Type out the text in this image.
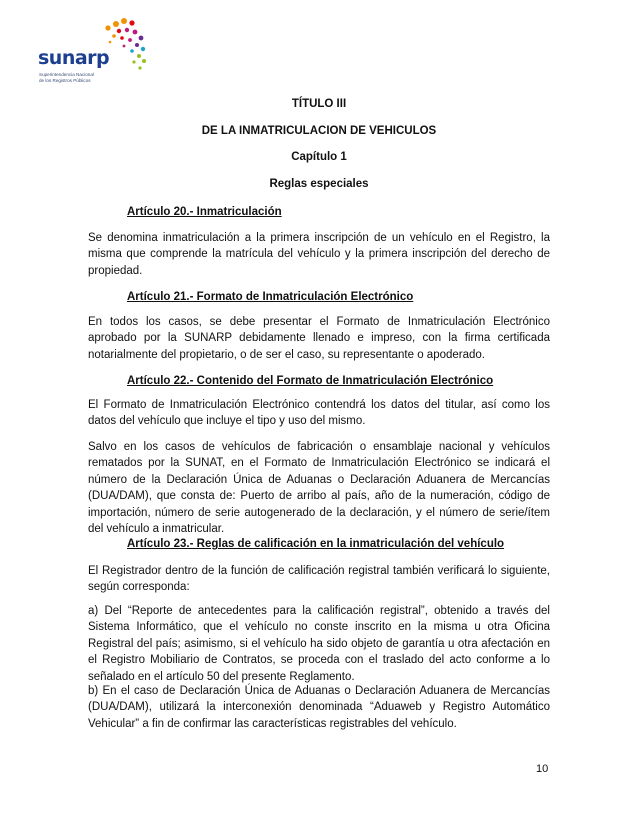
sunarp
Superintendencia Nacional
de los Registros Públicos
TÍTULO III
DE LA INMATRICULACION DE VEHICULOS
Capítulo 1
Reglas especiales
Artículo 20.- Inmatriculación

Se denomina inmatriculación a la primera inscripción de un vehículo en el Registro, la misma que comprende la matrícula del vehículo y la primera inscripción del derecho de propiedad.

Artículo 21.- Formato de Inmatriculación Electrónico

En todos los casos, se debe presentar el Formato de Inmatriculación Electrónico aprobado por la SUNARP debidamente llenado e impreso, con la firma certificada notarialmente del propietario, o de ser el caso, su representante o apoderado.

Artículo 22.- Contenido del Formato de Inmatriculación Electrónico

El Formato de Inmatriculación Electrónico contendrá los datos del titular, así como los datos del vehículo que incluye el tipo y uso del mismo.

Salvo en los casos de vehículos de fabricación o ensamblaje nacional y vehículos rematados por la SUNAT, en el Formato de Inmatriculación Electrónico se indicará el número de la Declaración Única de Aduanas o Declaración Aduanera de Mercancías (DUA/DAM), que consta de: Puerto de arribo al país, año de la numeración, código de importación, número de serie autogenerado de la declaración, y el número de serie/ítem del vehículo a inmatricular.

Artículo 23.- Reglas de calificación en la inmatriculación del vehículo

El Registrador dentro de la función de calificación registral también verificará lo siguiente, según corresponda:

a) Del “Reporte de antecedentes para la calificación registral”, obtenido a través del Sistema Informático, que el vehículo no conste inscrito en la misma u otra Oficina Registral del país; asimismo, si el vehículo ha sido objeto de garantía u otra afectación en el Registro Mobiliario de Contratos, se proceda con el traslado del acto conforme a lo señalado en el artículo 50 del presente Reglamento.

b) En el caso de Declaración Única de Aduanas o Declaración Aduanera de Mercancías (DUA/DAM), utilizará la interconexión denominada “Aduaweb y Registro Automático Vehicular” a fin de confirmar las características registrables del vehículo.

10
